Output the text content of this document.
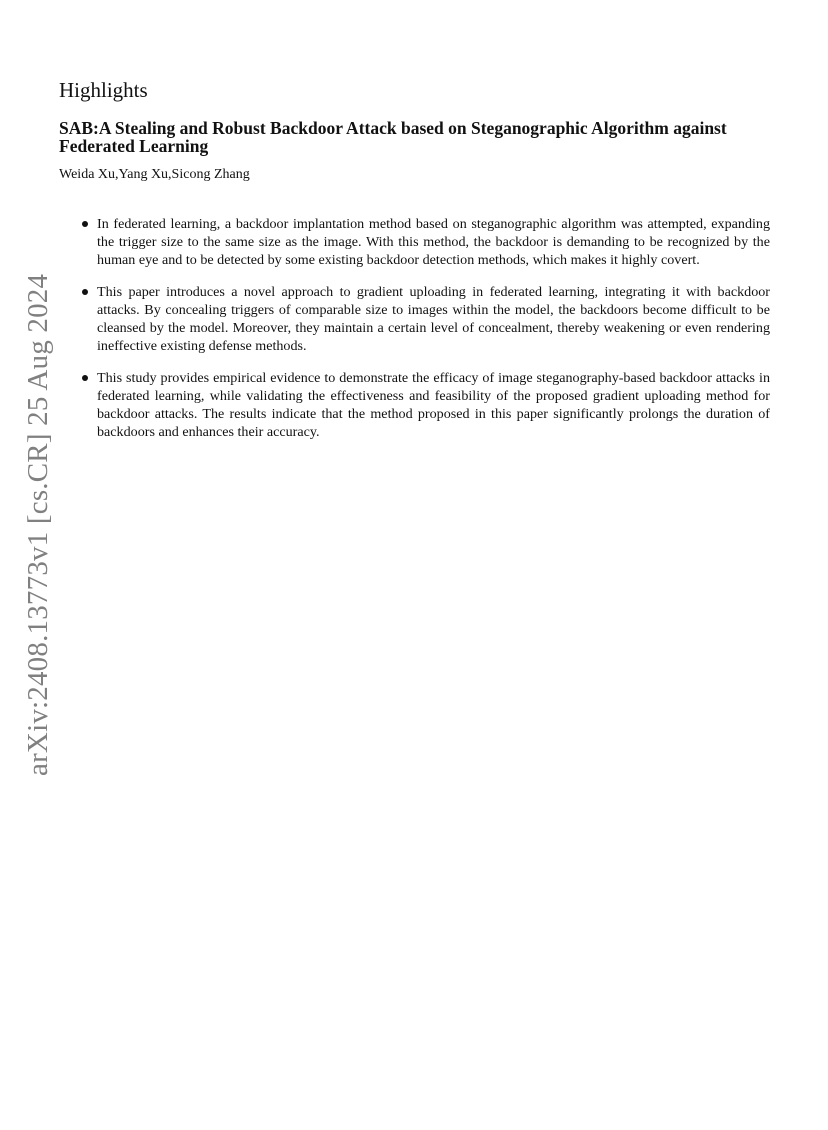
arXiv:2408.13773v1 [cs.CR] 25 Aug 2024
Highlights
SAB:A Stealing and Robust Backdoor Attack based on Steganographic Algorithm against Federated Learning

Weida Xu,Yang Xu,Sicong Zhang

In federated learning, a backdoor implantation method based on steganographic algorithm was attempted, expanding the trigger size to the same size as the image. With this method, the backdoor is demanding to be recognized by the human eye and to be detected by some existing backdoor detection methods, which makes it highly covert.
This paper introduces a novel approach to gradient uploading in federated learning, integrating it with backdoor attacks. By concealing triggers of comparable size to images within the model, the backdoors become difficult to be cleansed by the model. Moreover, they maintain a certain level of concealment, thereby weakening or even rendering ineffective existing defense methods.
This study provides empirical evidence to demonstrate the efficacy of image steganography-based backdoor attacks in federated learning, while validating the effectiveness and feasibility of the proposed gradient uploading method for backdoor attacks. The results indicate that the method proposed in this paper significantly prolongs the duration of backdoors and enhances their accuracy.
